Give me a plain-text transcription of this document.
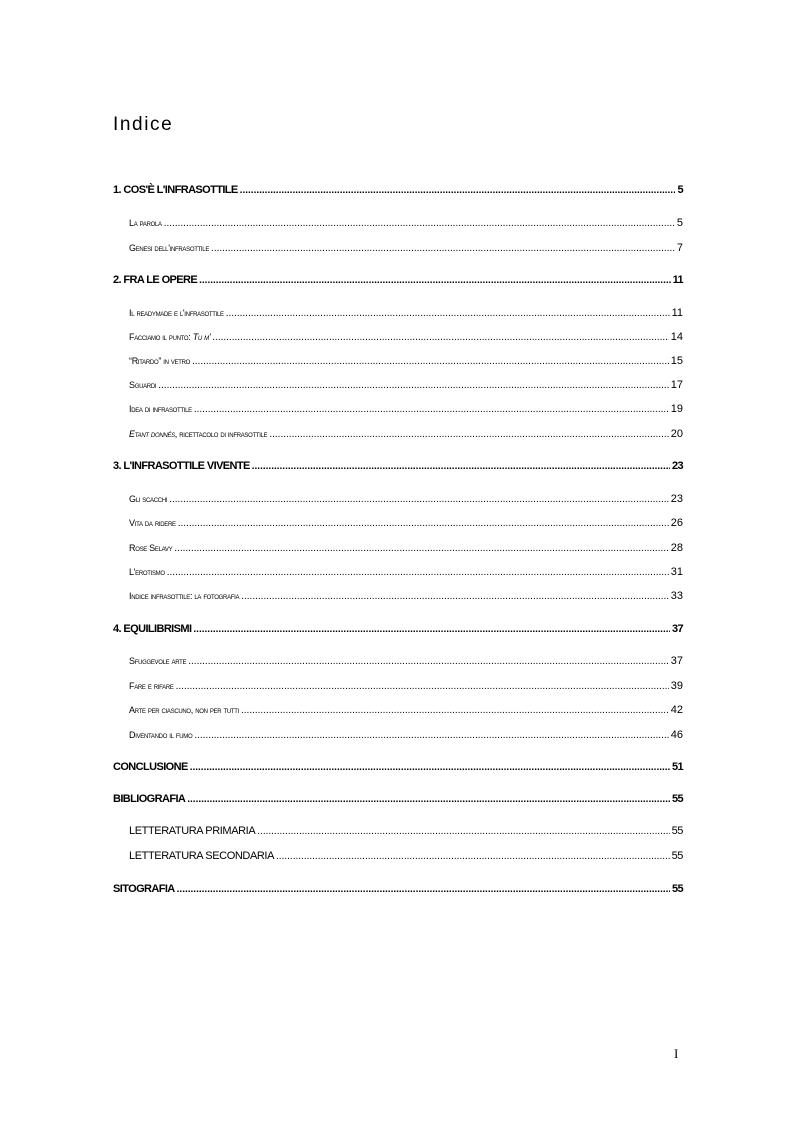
Indice
1. COS'È L'INFRASOTTILE .....	5
La parola .....	5
Genesi dell'infrasottile .....	7
2. FRA LE OPERE .....	11
Il readymade e l'infrasottile .....	11
Facciamo il punto: Tu m' .....	14
“Ritardo” in vetro .....	15
Sguardi .....	17
Idea di infrasottile .....	19
Etant donnés, ricettacolo di infrasottile .....	20
3. L'INFRASOTTILE VIVENTE .....	23
Gli scacchi .....	23
Vita da ridere .....	26
Rose Selavy .....	28
L'erotismo .....	31
Indice infrasottile: la fotografia .....	33
4. EQUILIBRISMI .....	37
Sfuggevole arte .....	37
Fare e rifare .....	39
Arte per ciascuno, non per tutti .....	42
Diventando il fumo .....	46
CONCLUSIONE .....	51
BIBLIOGRAFIA .....	55
LETTERATURA PRIMARIA .....	55
LETTERATURA SECONDARIA .....	55
SITOGRAFIA .....	55
I
